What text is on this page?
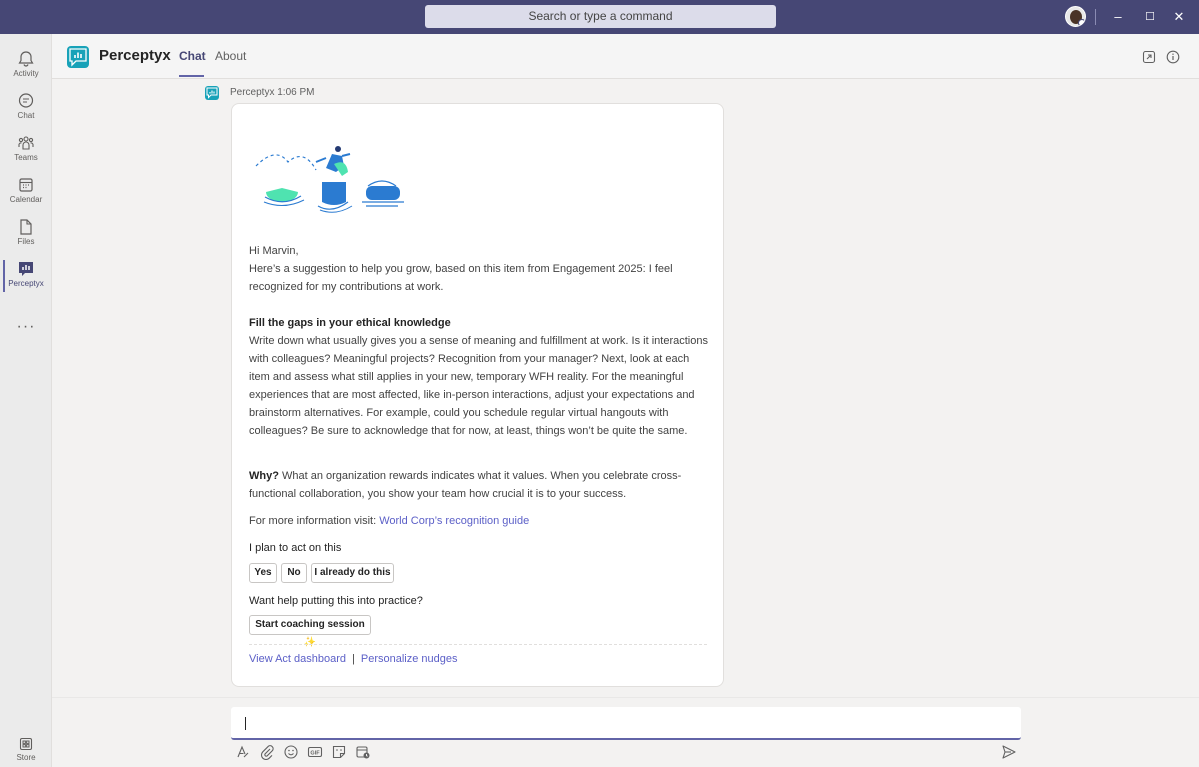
Search or type a command	–	☐	✕
Activity
Chat
Teams
Calendar
Files
Perceptyx
···
Store
Perceptyx Chat About
Perceptyx 1:06 PM
Hi Marvin,
Here’s a suggestion to help you grow, based on this item from Engagement 2025: I feel recognized for my contributions at work.
Fill the gaps in your ethical knowledge
Write down what usually gives you a sense of meaning and fulfillment at work. Is it interactions with colleagues? Meaningful projects? Recognition from your manager? Next, look at each item and assess what still applies in your new, temporary WFH reality. For the meaningful experiences that are most affected, like in-person interactions, adjust your expectations and brainstorm alternatives. For example, could you schedule regular virtual hangouts with colleagues? Be sure to acknowledge that for now, at least, things won’t be quite the same.
Why? What an organization rewards indicates what it values. When you celebrate cross-functional collaboration, you show your team how crucial it is to your success.
For more information visit: World Corp’s recognition guide
I plan to act on this
Yes	No	I already do this
Want help putting this into practice?
Start coaching session ✨
View Act dashboard | Personalize nudges
GIF
